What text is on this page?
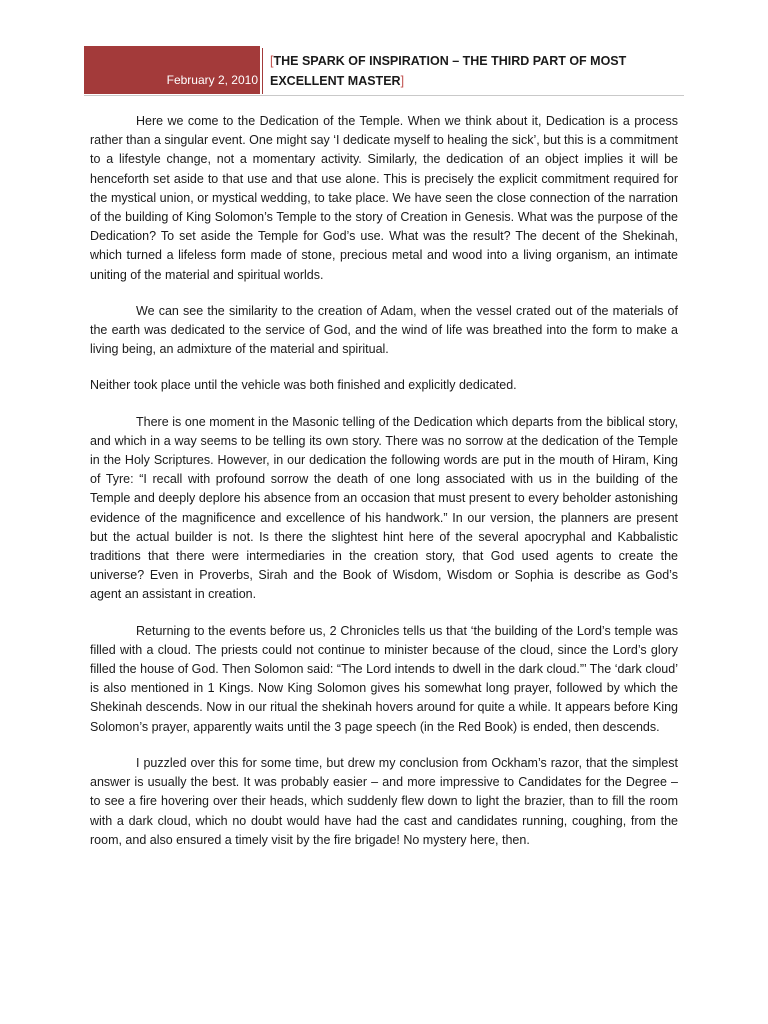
February 2, 2010
[THE SPARK OF INSPIRATION – THE THIRD PART OF MOST EXCELLENT MASTER]

Here we come to the Dedication of the Temple. When we think about it, Dedication is a process rather than a singular event. One might say ‘I dedicate myself to healing the sick’, but this is a commitment to a lifestyle change, not a momentary activity. Similarly, the dedication of an object implies it will be henceforth set aside to that use and that use alone. This is precisely the explicit commitment required for the mystical union, or mystical wedding, to take place. We have seen the close connection of the narration of the building of King Solomon’s Temple to the story of Creation in Genesis. What was the purpose of the Dedication? To set aside the Temple for God’s use. What was the result? The decent of the Shekinah, which turned a lifeless form made of stone, precious metal and wood into a living organism, an intimate uniting of the material and spiritual worlds.

We can see the similarity to the creation of Adam, when the vessel crated out of the materials of the earth was dedicated to the service of God, and the wind of life was breathed into the form to make a living being, an admixture of the material and spiritual.

Neither took place until the vehicle was both finished and explicitly dedicated.

There is one moment in the Masonic telling of the Dedication which departs from the biblical story, and which in a way seems to be telling its own story. There was no sorrow at the dedication of the Temple in the Holy Scriptures. However, in our dedication the following words are put in the mouth of Hiram, King of Tyre: “I recall with profound sorrow the death of one long associated with us in the building of the Temple and deeply deplore his absence from an occasion that must present to every beholder astonishing evidence of the magnificence and excellence of his handwork.” In our version, the planners are present but the actual builder is not. Is there the slightest hint here of the several apocryphal and Kabbalistic traditions that there were intermediaries in the creation story, that God used agents to create the universe? Even in Proverbs, Sirah and the Book of Wisdom, Wisdom or Sophia is describe as God’s agent an assistant in creation.

Returning to the events before us, 2 Chronicles tells us that ‘the building of the Lord’s temple was filled with a cloud. The priests could not continue to minister because of the cloud, since the Lord’s glory filled the house of God. Then Solomon said: “The Lord intends to dwell in the dark cloud.”’ The ‘dark cloud’ is also mentioned in 1 Kings. Now King Solomon gives his somewhat long prayer, followed by which the Shekinah descends. Now in our ritual the shekinah hovers around for quite a while. It appears before King Solomon’s prayer, apparently waits until the 3 page speech (in the Red Book) is ended, then descends.

I puzzled over this for some time, but drew my conclusion from Ockham’s razor, that the simplest answer is usually the best. It was probably easier – and more impressive to Candidates for the Degree – to see a fire hovering over their heads, which suddenly flew down to light the brazier, than to fill the room with a dark cloud, which no doubt would have had the cast and candidates running, coughing, from the room, and also ensured a timely visit by the fire brigade! No mystery here, then.
